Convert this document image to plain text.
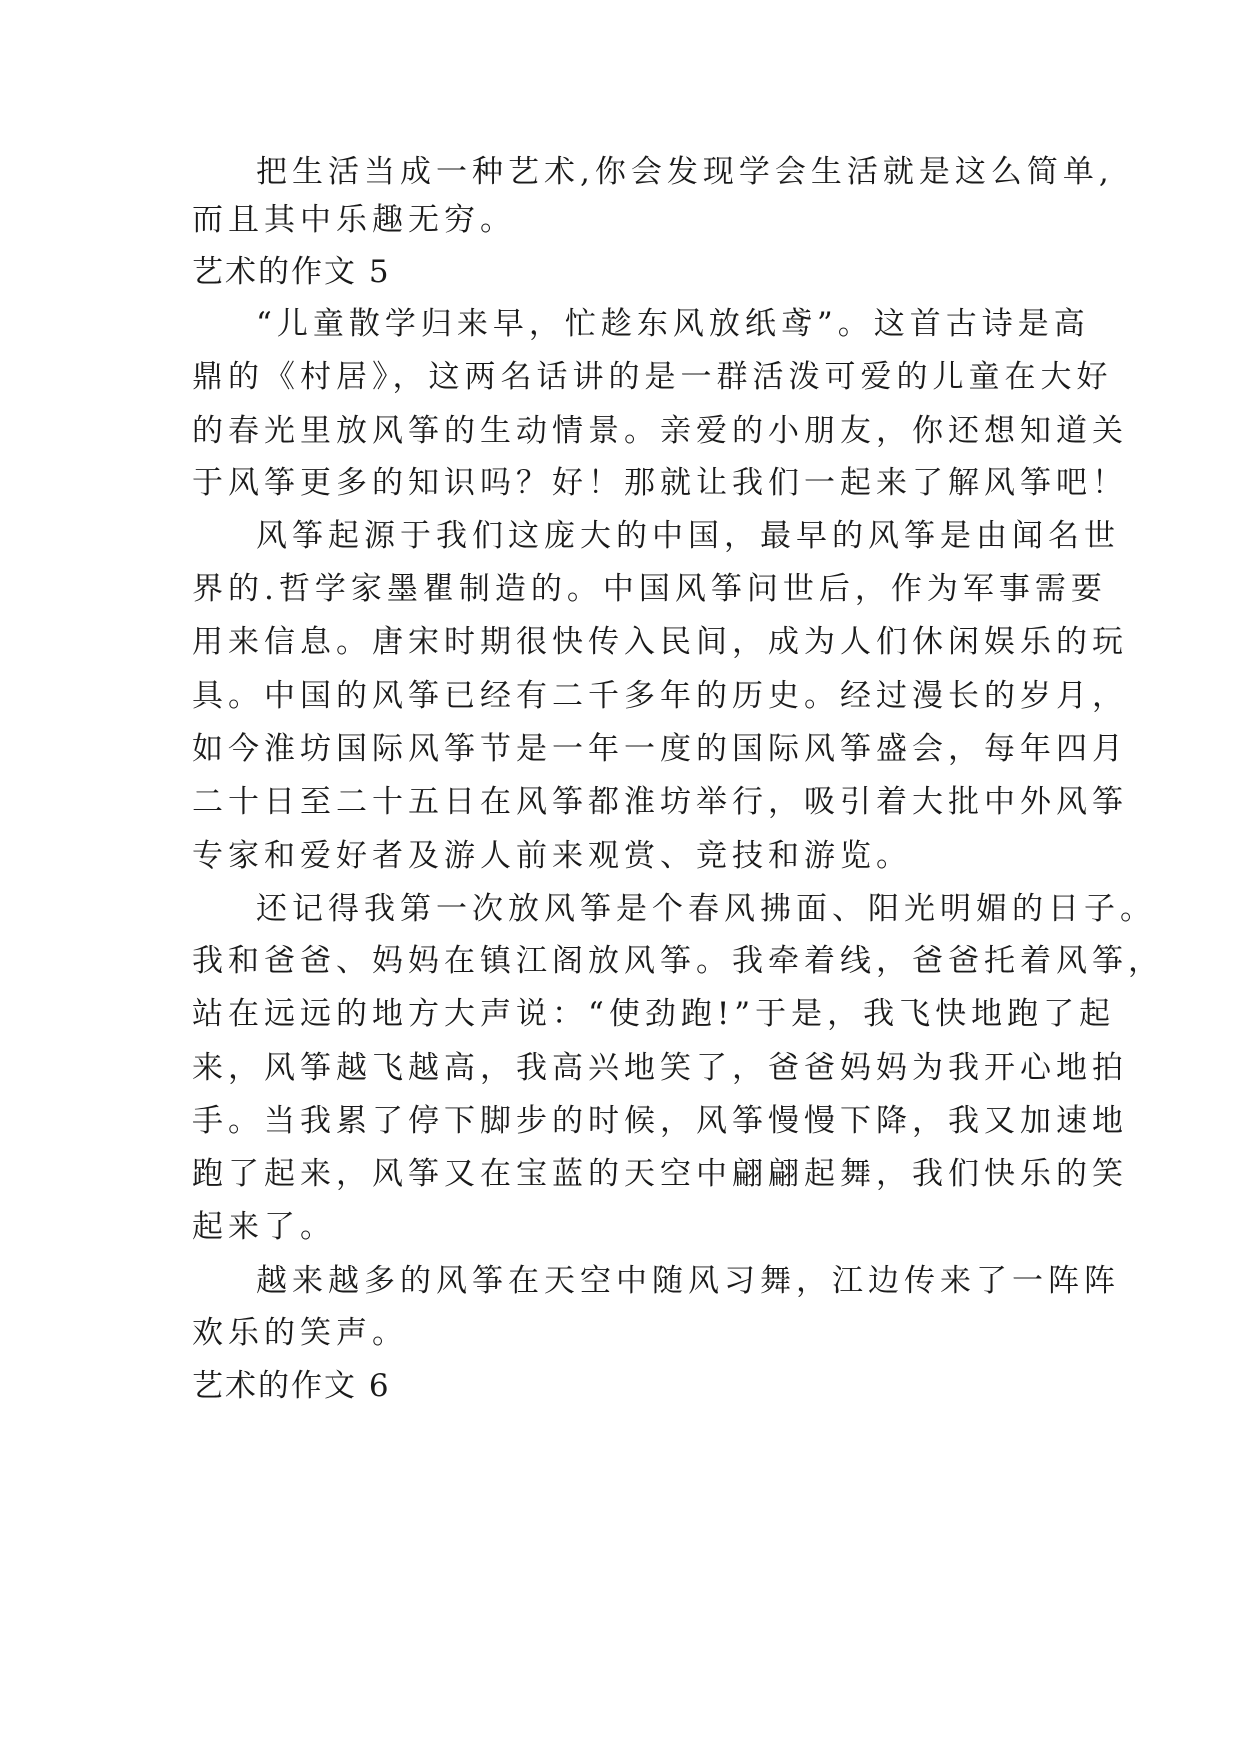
把生活当成一种艺术,你会发现学会生活就是这么简单,
而且其中乐趣无穷。
艺术的作文 5
“儿童散学归来早，忙趁东风放纸鸢”。这首古诗是高
鼎的《村居》，这两名话讲的是一群活泼可爱的儿童在大好
的春光里放风筝的生动情景。亲爱的小朋友，你还想知道关
于风筝更多的知识吗？好！那就让我们一起来了解风筝吧！
风筝起源于我们这庞大的中国，最早的风筝是由闻名世
界的.哲学家墨瞿制造的。中国风筝问世后，作为军事需要
用来信息。唐宋时期很快传入民间，成为人们休闲娱乐的玩
具。中国的风筝已经有二千多年的历史。经过漫长的岁月，
如今淮坊国际风筝节是一年一度的国际风筝盛会，每年四月
二十日至二十五日在风筝都淮坊举行，吸引着大批中外风筝
专家和爱好者及游人前来观赏、竞技和游览。
还记得我第一次放风筝是个春风拂面、阳光明媚的日子。
我和爸爸、妈妈在镇江阁放风筝。我牵着线，爸爸托着风筝，
站在远远的地方大声说：“使劲跑!”于是，我飞快地跑了起
来，风筝越飞越高，我高兴地笑了，爸爸妈妈为我开心地拍
手。当我累了停下脚步的时候，风筝慢慢下降，我又加速地
跑了起来，风筝又在宝蓝的天空中翩翩起舞，我们快乐的笑
起来了。
越来越多的风筝在天空中随风习舞，江边传来了一阵阵
欢乐的笑声。
艺术的作文 6
